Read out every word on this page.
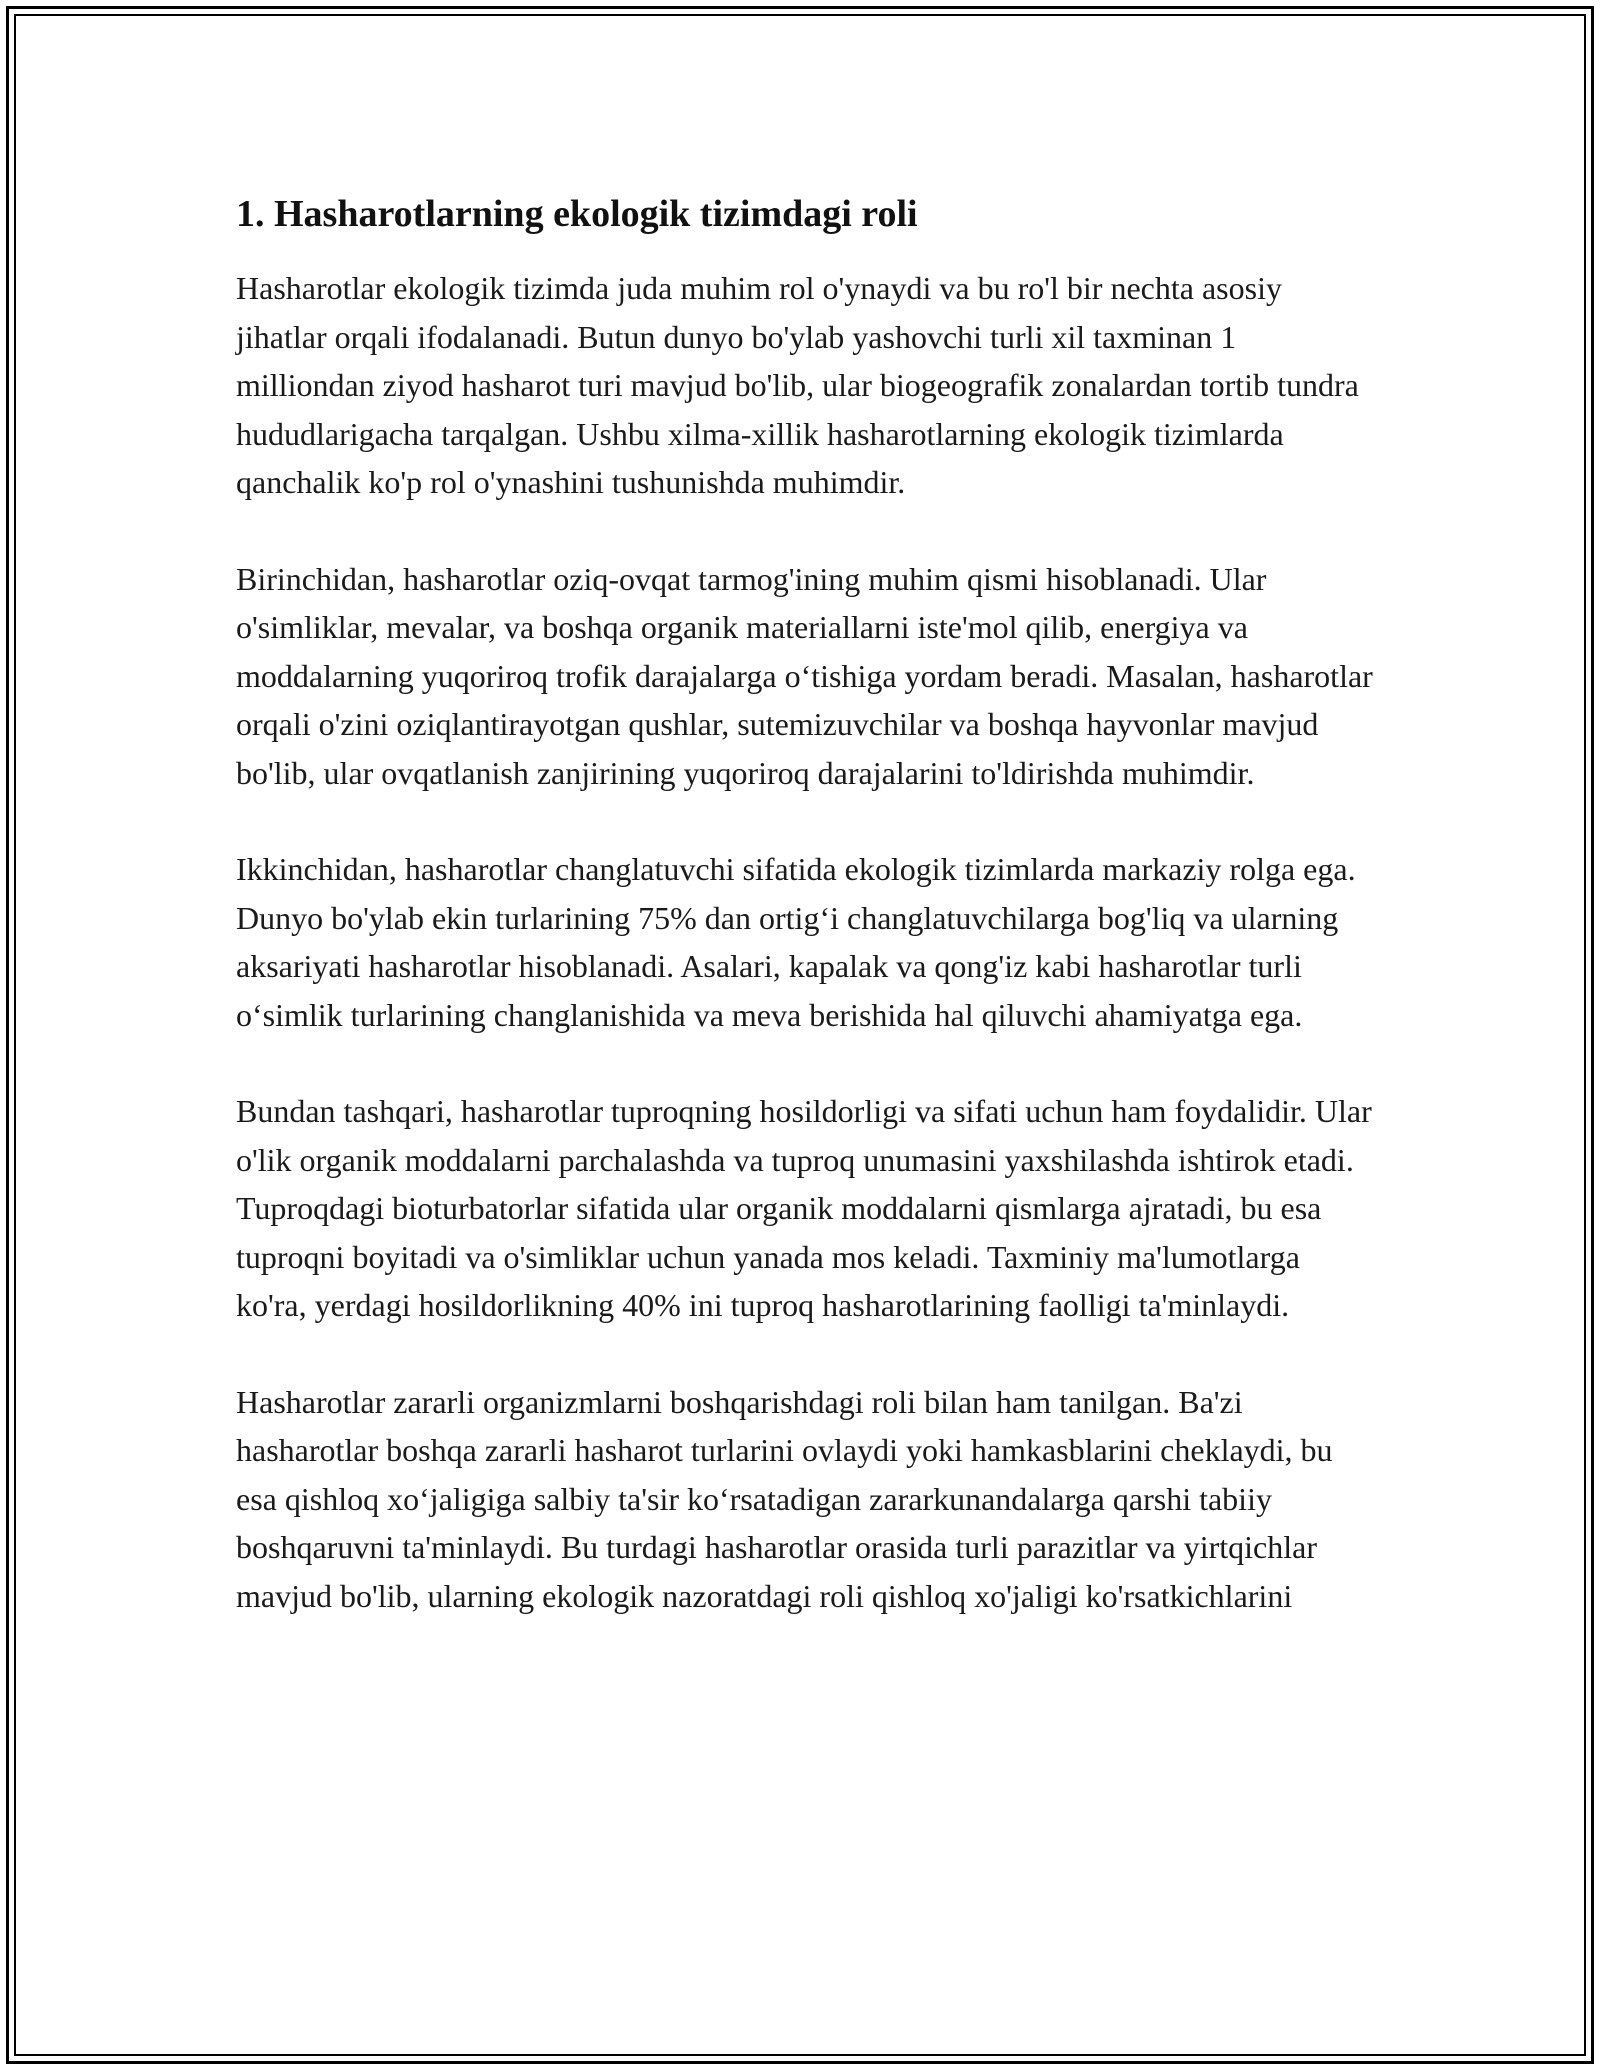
1. Hasharotlarning ekologik tizimdagi roli

Hasharotlar ekologik tizimda juda muhim rol o'ynaydi va bu ro'l bir nechta asosiy jihatlar orqali ifodalanadi. Butun dunyo bo'ylab yashovchi turli xil taxminan 1 milliondan ziyod hasharot turi mavjud bo'lib, ular biogeografik zonalardan tortib tundra hududlarigacha tarqalgan. Ushbu xilma-xillik hasharotlarning ekologik tizimlarda qanchalik ko'p rol o'ynashini tushunishda muhimdir.

Birinchidan, hasharotlar oziq-ovqat tarmog'ining muhim qismi hisoblanadi. Ular o'simliklar, mevalar, va boshqa organik materiallarni iste'mol qilib, energiya va moddalarning yuqoriroq trofik darajalarga o‘tishiga yordam beradi. Masalan, hasharotlar orqali o'zini oziqlantirayotgan qushlar, sutemizuvchilar va boshqa hayvonlar mavjud bo'lib, ular ovqatlanish zanjirining yuqoriroq darajalarini to'ldirishda muhimdir.

Ikkinchidan, hasharotlar changlatuvchi sifatida ekologik tizimlarda markaziy rolga ega. Dunyo bo'ylab ekin turlarining 75% dan ortig‘i changlatuvchilarga bog'liq va ularning aksariyati hasharotlar hisoblanadi. Asalari, kapalak va qong'iz kabi hasharotlar turli o‘simlik turlarining changlanishida va meva berishida hal qiluvchi ahamiyatga ega.

Bundan tashqari, hasharotlar tuproqning hosildorligi va sifati uchun ham foydalidir. Ular o'lik organik moddalarni parchalashda va tuproq unumasini yaxshilashda ishtirok etadi. Tuproqdagi bioturbatorlar sifatida ular organik moddalarni qismlarga ajratadi, bu esa tuproqni boyitadi va o'simliklar uchun yanada mos keladi. Taxminiy ma'lumotlarga ko'ra, yerdagi hosildorlikning 40% ini tuproq hasharotlarining faolligi ta'minlaydi.

Hasharotlar zararli organizmlarni boshqarishdagi roli bilan ham tanilgan. Ba'zi hasharotlar boshqa zararli hasharot turlarini ovlaydi yoki hamkasblarini cheklaydi, bu esa qishloq xo‘jaligiga salbiy ta'sir ko‘rsatadigan zararkunandalarga qarshi tabiiy boshqaruvni ta'minlaydi. Bu turdagi hasharotlar orasida turli parazitlar va yirtqichlar mavjud bo'lib, ularning ekologik nazoratdagi roli qishloq xo'jaligi ko'rsatkichlarini
